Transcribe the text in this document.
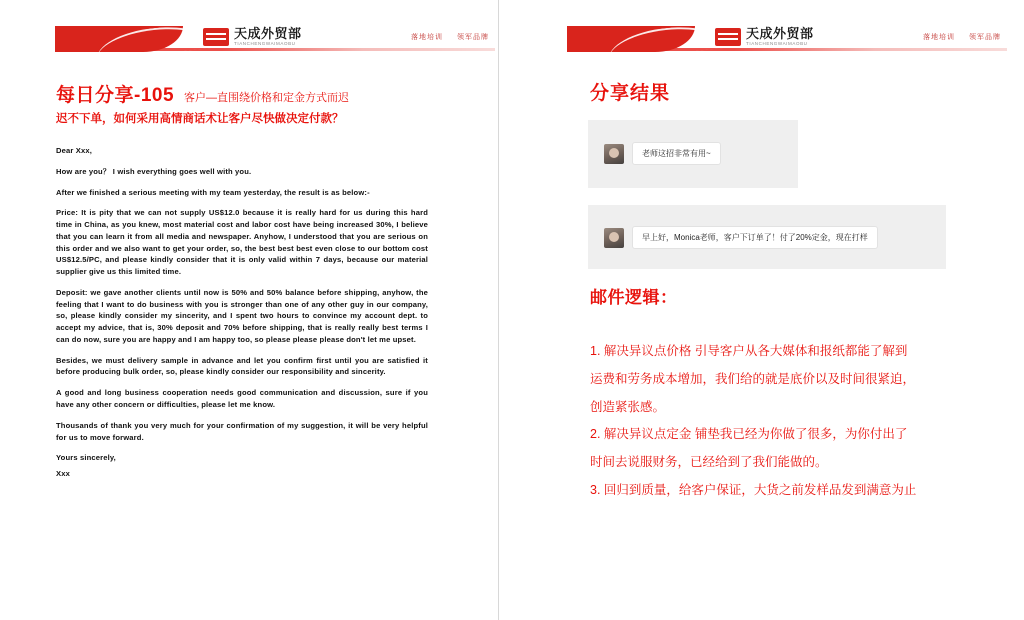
天成外贸部
TIANCHENGWAIMAOBU
落地培训 领军品牌
每日分享-105 客户—直围绕价格和定金方式而迟
迟不下单，如何采用高情商话术让客户尽快做决定付款？

Dear Xxx,

How are you？ I wish everything goes well with you.

After we finished a serious meeting with my team yesterday, the result is as below:-

Price: It is pity that we can not supply US$12.0 because it is really hard for us during this hard time in China, as you knew, most material cost and labor cost have being increased 30%, I believe that you can learn it from all media and newspaper. Anyhow, I understood that you are serious on this order and we also want to get your order, so, the best best best even close to our bottom cost US$12.5/PC, and please kindly consider that it is only valid within 7 days, because our material supplier give us this limited time.

Deposit: we gave another clients until now is 50% and 50% balance before shipping, anyhow, the feeling that I want to do business with you is stronger than one of any other guy in our company, so, please kindly consider my sincerity, and I spent two hours to convince my account dept. to accept my advice, that is, 30% deposit and 70% before shipping, that is really really best terms I can do now, sure you are happy and I am happy too, so please please please don't let me upset.

Besides, we must delivery sample in advance and let you confirm first until you are satisfied it before producing bulk order, so, please kindly consider our responsibility and sincerity.

A good and long business cooperation needs good communication and discussion, sure if you have any other concern or difficulties, please let me know.

Thousands of thank you very much for your confirmation of my suggestion, it will be very helpful for us to move forward.

Yours sincerely,

Xxx

天成外贸部
TIANCHENGWAIMAOBU
落地培训 领军品牌
分享结果
老师这招非常有用~
早上好，Monica老师，客户下订单了！付了20%定金，现在打样
邮件逻辑：

1. 解决异议点价格 引导客户从各大媒体和报纸都能了解到

运费和劳务成本增加，我们给的就是底价以及时间很紧迫，

创造紧张感。

2. 解决异议点定金 铺垫我已经为你做了很多，为你付出了

时间去说服财务，已经给到了我们能做的。

3. 回归到质量，给客户保证，大货之前发样品发到满意为止
